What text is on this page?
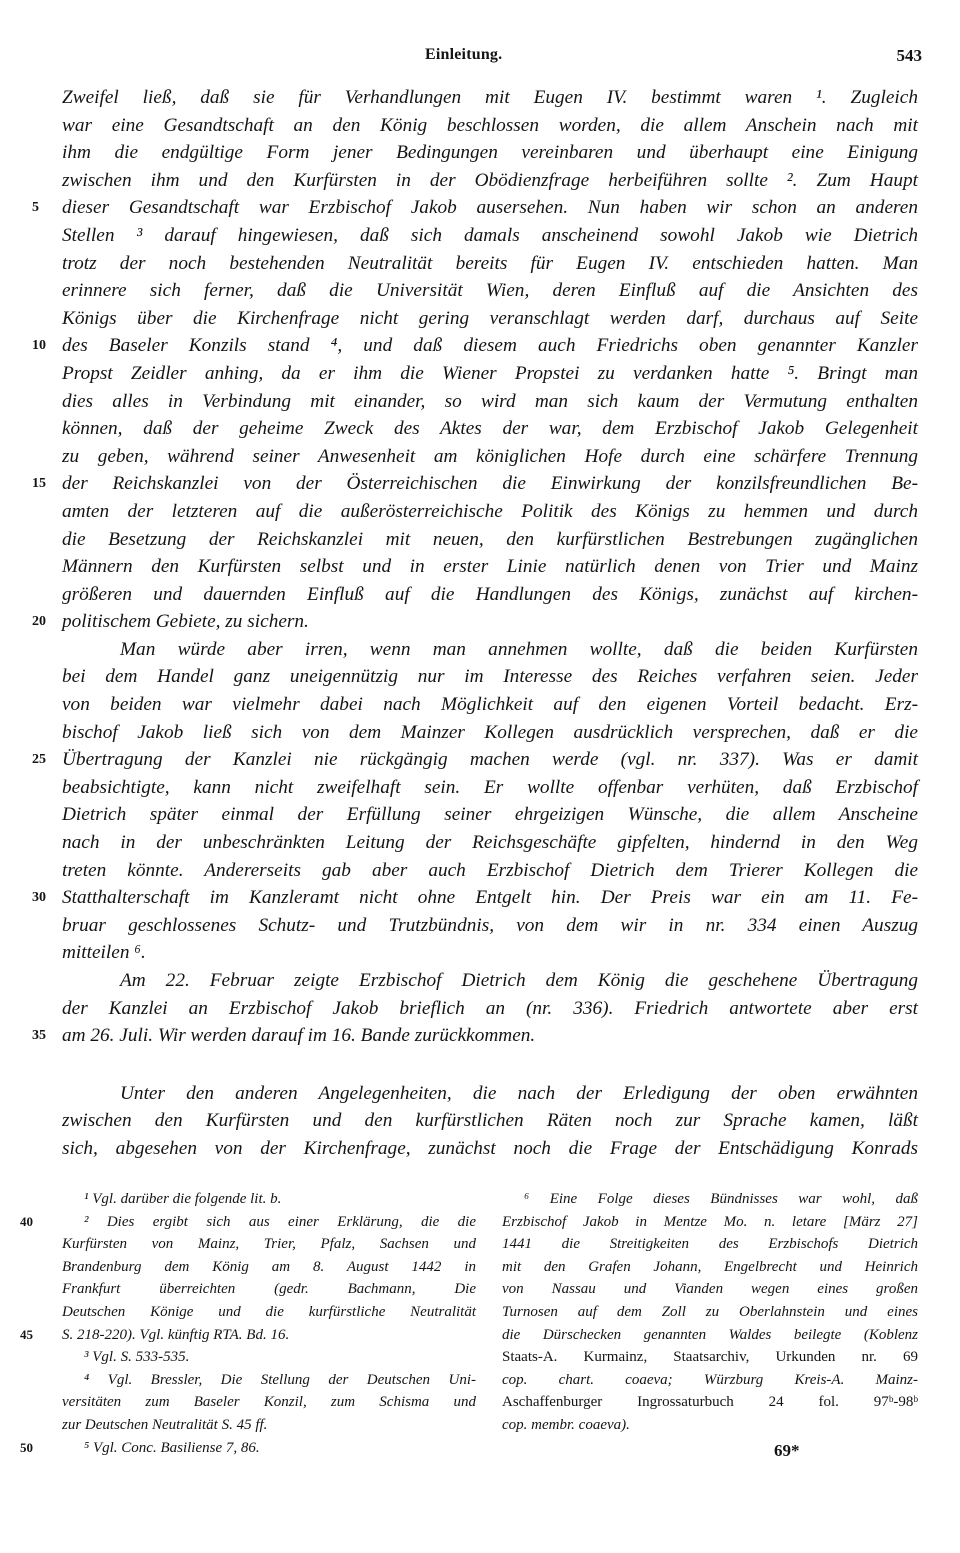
Einleitung.	543
Zweifel ließ, daß sie für Verhandlungen mit Eugen IV. bestimmt waren ¹. Zugleich
war eine Gesandtschaft an den König beschlossen worden, die allem Anschein nach mit
ihm die endgültige Form jener Bedingungen vereinbaren und überhaupt eine Einigung
zwischen ihm und den Kurfürsten in der Obödienzfrage herbeiführen sollte ². Zum Haupt
5	dieser Gesandtschaft war Erzbischof Jakob ausersehen. Nun haben wir schon an anderen
Stellen ³ darauf hingewiesen, daß sich damals anscheinend sowohl Jakob wie Dietrich
trotz der noch bestehenden Neutralität bereits für Eugen IV. entschieden hatten. Man
erinnere sich ferner, daß die Universität Wien, deren Einfluß auf die Ansichten des
Königs über die Kirchenfrage nicht gering veranschlagt werden darf, durchaus auf Seite
10 des Baseler Konzils stand ⁴, und daß diesem auch Friedrichs oben genannter Kanzler
Propst Zeidler anhing, da er ihm die Wiener Propstei zu verdanken hatte ⁵. Bringt man
dies alles in Verbindung mit einander, so wird man sich kaum der Vermutung enthalten
können, daß der geheime Zweck des Aktes der war, dem Erzbischof Jakob Gelegenheit
zu geben, während seiner Anwesenheit am königlichen Hofe durch eine schärfere Trennung
15 der Reichskanzlei von der Österreichischen die Einwirkung der konzilsfreundlichen Be-
amten der letzteren auf die außerösterreichische Politik des Königs zu hemmen und durch
die Besetzung der Reichskanzlei mit neuen, den kurfürstlichen Bestrebungen zugänglichen
Männern den Kurfürsten selbst und in erster Linie natürlich denen von Trier und Mainz
größeren und dauernden Einfluß auf die Handlungen des Königs, zunächst auf kirchen-
20 politischem Gebiete, zu sichern.
Man würde aber irren, wenn man annehmen wollte, daß die beiden Kurfürsten
bei dem Handel ganz uneigennützig nur im Interesse des Reiches verfahren seien. Jeder
von beiden war vielmehr dabei nach Möglichkeit auf den eigenen Vorteil bedacht. Erz-
bischof Jakob ließ sich von dem Mainzer Kollegen ausdrücklich versprechen, daß er die
25 Übertragung der Kanzlei nie rückgängig machen werde (vgl. nr. 337). Was er damit
beabsichtigte, kann nicht zweifelhaft sein. Er wollte offenbar verhüten, daß Erzbischof
Dietrich später einmal der Erfüllung seiner ehrgeizigen Wünsche, die allem Anscheine
nach in der unbeschränkten Leitung der Reichsgeschäfte gipfelten, hindernd in den Weg
treten könnte. Andererseits gab aber auch Erzbischof Dietrich dem Trierer Kollegen die
30 Statthalterschaft im Kanzleramt nicht ohne Entgelt hin. Der Preis war ein am 11. Fe-
bruar geschlossenes Schutz- und Trutzbündnis, von dem wir in nr. 334 einen Auszug
mitteilen ⁶.
Am 22. Februar zeigte Erzbischof Dietrich dem König die geschehene Übertragung
der Kanzlei an Erzbischof Jakob brieflich an (nr. 336). Friedrich antwortete aber erst
35 am 26. Juli. Wir werden darauf im 16. Bande zurückkommen.
Unter den anderen Angelegenheiten, die nach der Erledigung der oben erwähnten
zwischen den Kurfürsten und den kurfürstlichen Räten noch zur Sprache kamen, läßt
sich, abgesehen von der Kirchenfrage, zunächst noch die Frage der Entschädigung Konrads
¹ Vgl. darüber die folgende lit. b.
40	² Dies ergibt sich aus einer Erklärung, die die
Kurfürsten von Mainz, Trier, Pfalz, Sachsen und
Brandenburg dem König am 8. August 1442 in
Frankfurt überreichten (gedr. Bachmann, Die
Deutschen Könige und die kurfürstliche Neutralität
45	S. 218-220). Vgl. künftig RTA. Bd. 16.
³ Vgl. S. 533-535.
⁴ Vgl. Bressler, Die Stellung der Deutschen Uni-
versitäten zum Baseler Konzil, zum Schisma und
zur Deutschen Neutralität S. 45 ff.
50	⁵ Vgl. Conc. Basiliense 7, 86.
⁶ Eine Folge dieses Bündnisses war wohl, daß
Erzbischof Jakob in Mentze Mo. n. letare [März 27]
1441 die Streitigkeiten des Erzbischofs Dietrich
mit den Grafen Johann, Engelbrecht und Heinrich
von Nassau und Vianden wegen eines großen
Turnosen auf dem Zoll zu Oberlahnstein und eines
die Dürschecken genannten Waldes beilegte (Koblenz
Staats-A. Kurmainz, Staatsarchiv, Urkunden nr. 69
cop. chart. coaeva; Würzburg Kreis-A. Mainz-
Aschaffenburger Ingrossaturbuch 24 fol. 97ᵇ-98ᵇ
cop. membr. coaeva).
69*
